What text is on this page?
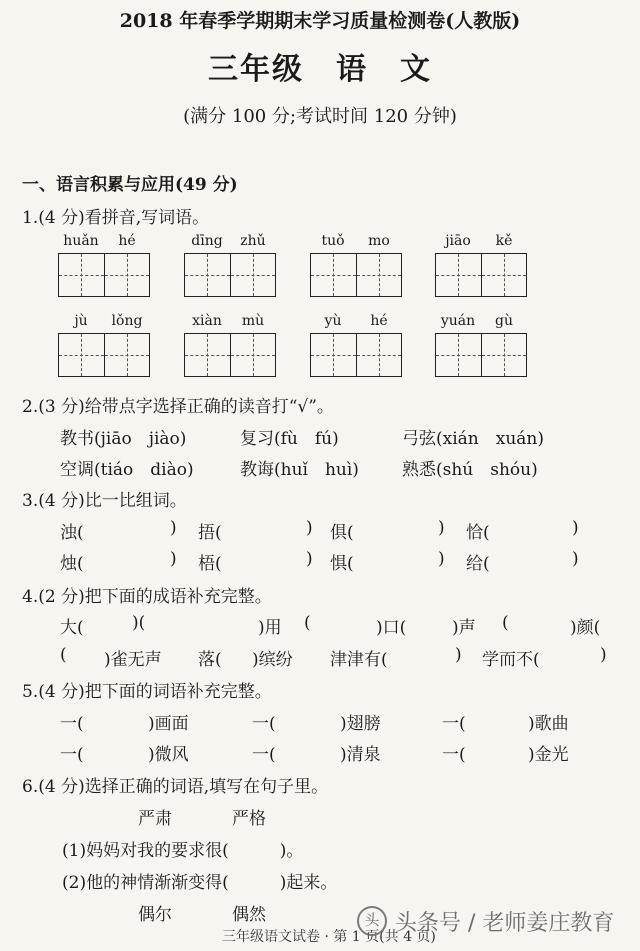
2018 年春季学期期末学习质量检测卷(人教版)
三年级　语　文
(满分 100 分;考试时间 120 分钟)
一、语言积累与应用(49 分)
1.(4 分)看拼音,写词语。
huǎn	hé	dīng	zhǔ	tuǒ	mo	jiāo	kě
jù	lǒng	xiàn	mù	yù	hé	yuán	gù
2.(3 分)给带点字选择正确的读音打“√”。
教书(jiāo　jiào)	复习(fù　fú)	弓弦(xián　xuán)
空调(tiáo　diào)	教诲(huǐ　huì)	熟悉(shú　shóu)
3.(4 分)比一比组词。
浊(	) 捂(	) 俱(	) 恰(	)
烛(	) 梧(	) 惧(	) 给(	)
4.(2 分)把下面的成语补充完整。
大(	)(	)用 (	)口(	)声 (	)颜(
( )雀无声 落( )缤纷 津津有(	) 学而不(	)
5.(4 分)把下面的词语补充完整。
一(	)画面	一(	)翅膀	一(	)歌曲
一(	)微风	一(	)清泉	一(	)金光
6.(4 分)选择正确的词语,填写在句子里。
严肃	严格
(1)妈妈对我的要求很(　　　)。
(2)他的神情渐渐变得(　　　)起来。
偶尔	偶然
三年级语文试卷 · 第 1 页(共 4 页)
头 头条号 / 老师姜庄教育
